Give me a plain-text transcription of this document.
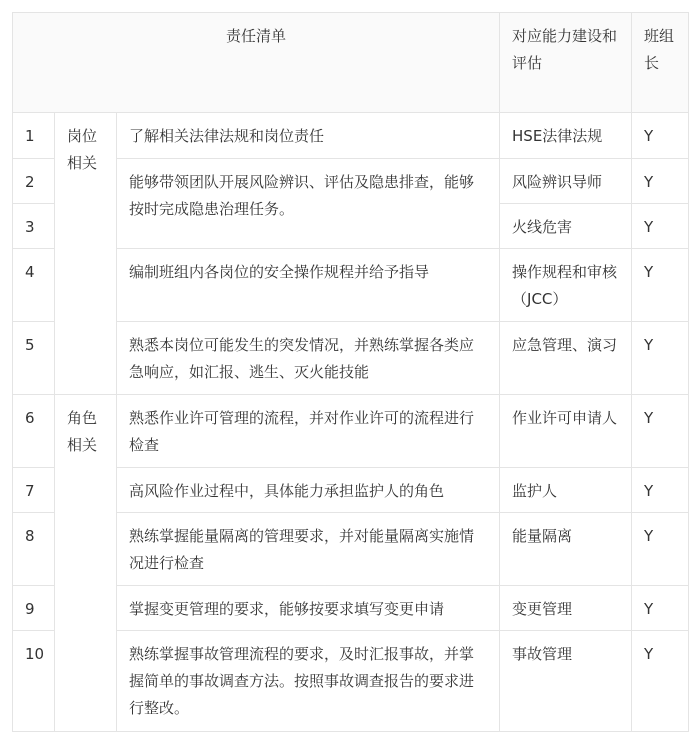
责任清单			对应能力建设和评估	班组长
1	岗位相关	了解相关法律法规和岗位责任	HSE法律法规	Y
2		能够带领团队开展风险辨识、评估及隐患排查，能够按时完成隐患治理任务。	风险辨识导师	Y
3			火线危害	Y
4		编制班组内各岗位的安全操作规程并给予指导	操作规程和审核（JCC）	Y
5		熟悉本岗位可能发生的突发情况，并熟练掌握各类应急响应，如汇报、逃生、灭火能技能	应急管理、演习	Y
6	角色相关	熟悉作业许可管理的流程，并对作业许可的流程进行检查	作业许可申请人	Y
7		高风险作业过程中，具体能力承担监护人的角色	监护人	Y
8		熟练掌握能量隔离的管理要求，并对能量隔离实施情况进行检查	能量隔离	Y
9		掌握变更管理的要求，能够按要求填写变更申请	变更管理	Y
10		熟练掌握事故管理流程的要求，及时汇报事故，并掌握简单的事故调查方法。按照事故调查报告的要求进行整改。	事故管理	Y
